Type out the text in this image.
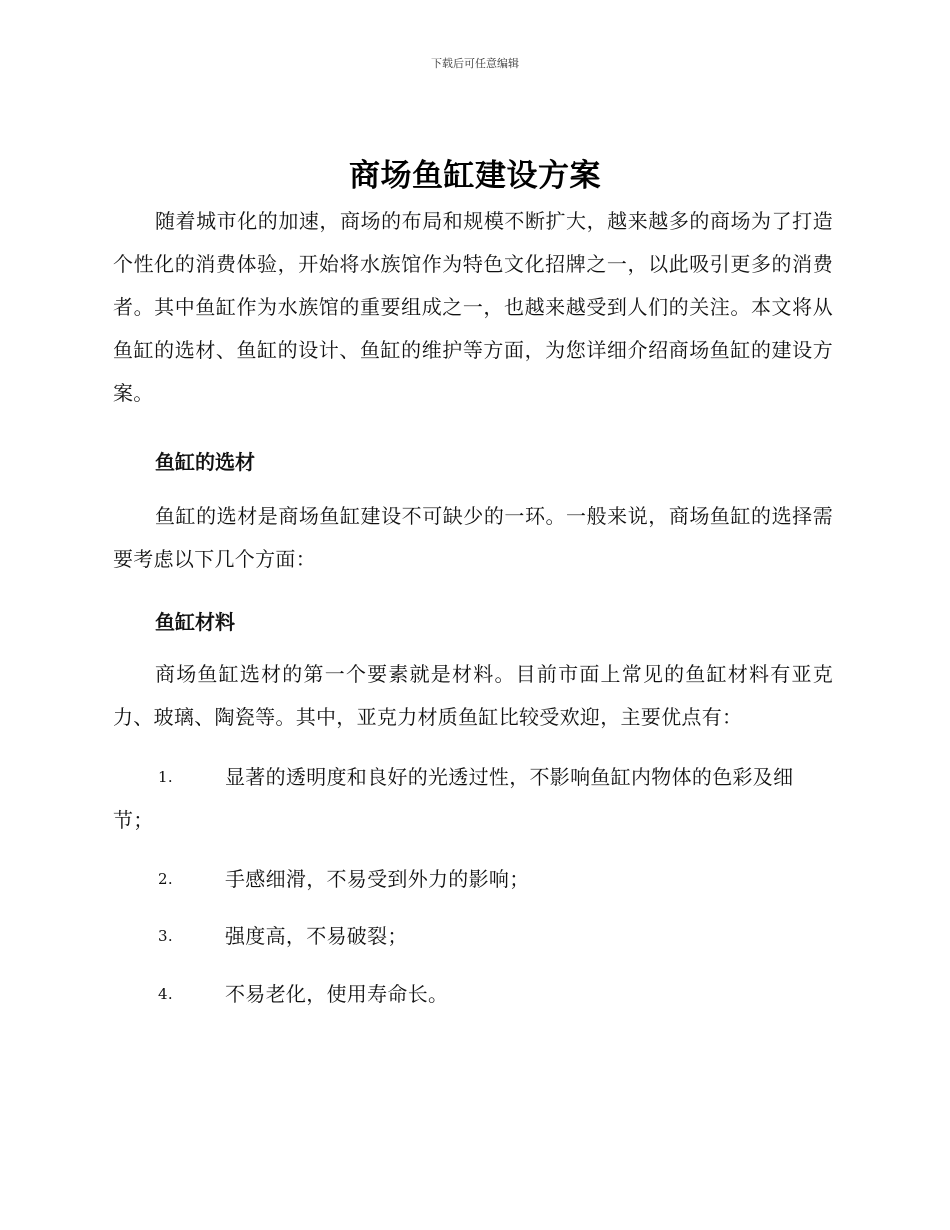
下载后可任意编辑
商场鱼缸建设方案
随着城市化的加速，商场的布局和规模不断扩大，越来越多的商场为了打造个性化的消费体验，开始将水族馆作为特色文化招牌之一，以此吸引更多的消费者。其中鱼缸作为水族馆的重要组成之一，也越来越受到人们的关注。本文将从鱼缸的选材、鱼缸的设计、鱼缸的维护等方面，为您详细介绍商场鱼缸的建设方案。
鱼缸的选材
鱼缸的选材是商场鱼缸建设不可缺少的一环。一般来说，商场鱼缸的选择需要考虑以下几个方面：
鱼缸材料
商场鱼缸选材的第一个要素就是材料。目前市面上常见的鱼缸材料有亚克力、玻璃、陶瓷等。其中，亚克力材质鱼缸比较受欢迎，主要优点有：
1.	显著的透明度和良好的光透过性，不影响鱼缸内物体的色彩及细
节；
2.	手感细滑，不易受到外力的影响；
3.	强度高，不易破裂；
4.	不易老化，使用寿命长。
